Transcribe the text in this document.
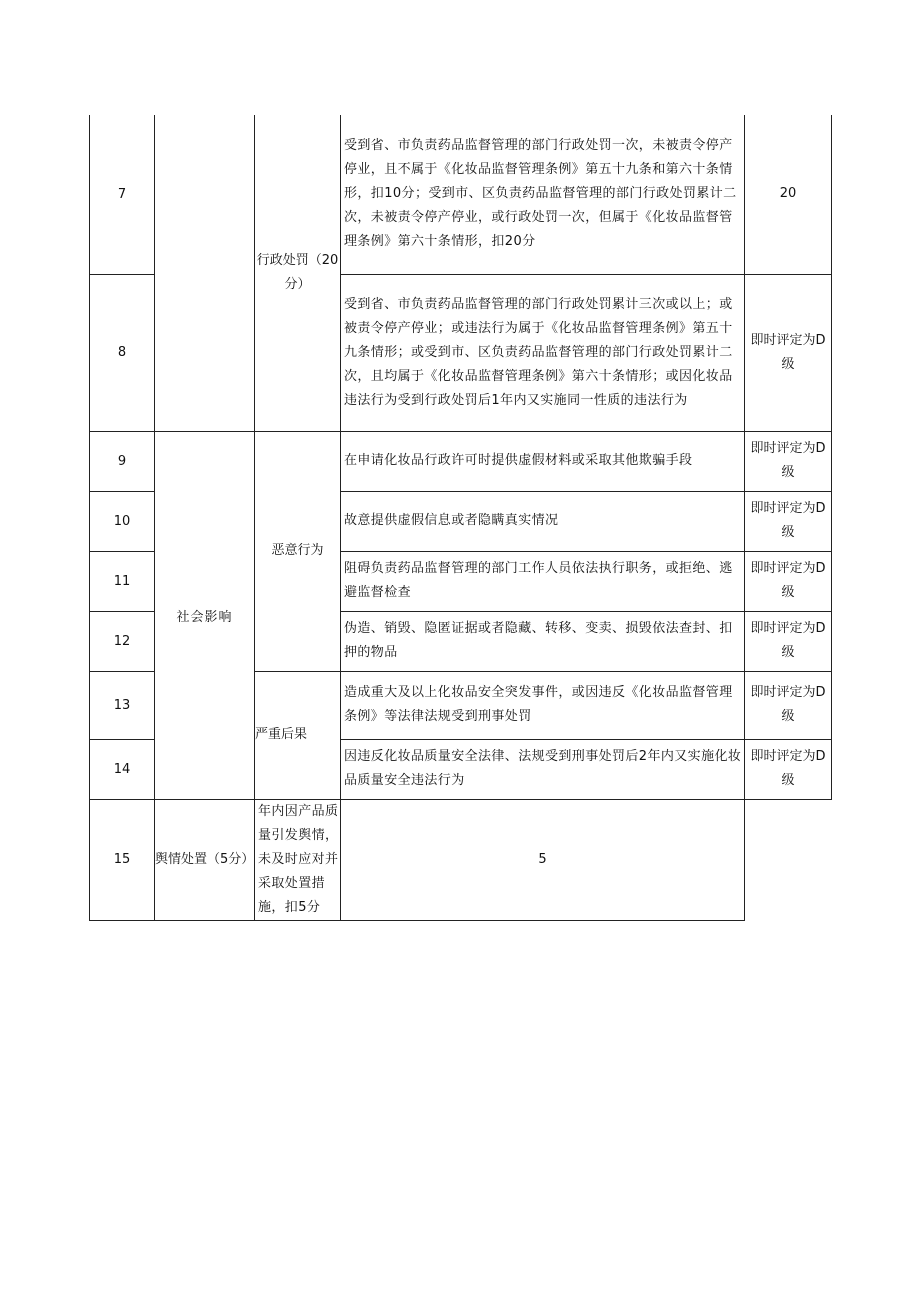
7		行政处罚（20分）	受到省、市负责药品监督管理的部门行政处罚一次，未被责令停产停业，且不属于《化妆品监督管理条例》第五十九条和第六十条情形，扣10分；受到市、区负责药品监督管理的部门行政处罚累计二次，未被责令停产停业，或行政处罚一次，但属于《化妆品监督管理条例》第六十条情形，扣20分	20
8			受到省、市负责药品监督管理的部门行政处罚累计三次或以上；或被责令停产停业；或违法行为属于《化妆品监督管理条例》第五十九条情形；或受到市、区负责药品监督管理的部门行政处罚累计二次，且均属于《化妆品监督管理条例》第六十条情形；或因化妆品违法行为受到行政处罚后1年内又实施同一性质的违法行为	即时评定为D级
9	社会影响	恶意行为	在申请化妆品行政许可时提供虚假材料或采取其他欺骗手段	即时评定为D级
10			故意提供虚假信息或者隐瞒真实情况	即时评定为D级
11			阻碍负责药品监督管理的部门工作人员依法执行职务，或拒绝、逃避监督检查	即时评定为D级
12			伪造、销毁、隐匿证据或者隐藏、转移、变卖、损毁依法查封、扣押的物品	即时评定为D级
13		严重后果	造成重大及以上化妆品安全突发事件，或因违反《化妆品监督管理条例》等法律法规受到刑事处罚	即时评定为D级
14			因违反化妆品质量安全法律、法规受到刑事处罚后2年内又实施化妆品质量安全违法行为	即时评定为D级
15	舆情处置（5分）	年内因产品质量引发舆情，未及时应对并采取处置措施，扣5分	5	
